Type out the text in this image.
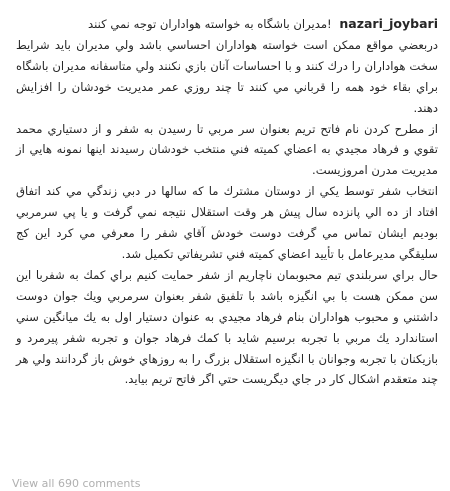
nazari_joybari !مدیران باشگاه به خواسته هواداران توجه نمي كنند

دربعضي مواقع ممكن است خواسته هواداران احساسي باشد ولي مديران بايد شرايط سخت هواداران را درك كنند و با احساسات آنان بازي نكنند ولي متاسفانه مديران باشگاه براي بقاء خود همه را قرباني مي كنند تا چند روزي عمر مديريت خودشان را افزايش دهند.

از مطرح كردن نام فاتح تريم بعنوان سر مربي تا رسيدن به شفر و از دستياري محمد تقوي و فرهاد مجيدي به اعضاي كميته فني منتخب خودشان رسيدند اينها نمونه هايي از مديريت مدرن امروزيست.

انتخاب شفر توسط يكي از دوستان مشترك ما كه سالها در دبي زندگي مي كند اتفاق افتاد از ده الي پانزده سال پيش هر وقت استقلال نتيجه نمي گرفت و يا پي سرمربي بوديم ايشان تماس مي گرفت دوست خودش آقاي شفر را معرفي مي كرد اين كج سليقگي مديرعامل با تأييد اعضاي كميته فني تشريفاتي تكميل شد.

حال براي سربلندي تيم محبوبمان ناچاريم از شفر حمايت كنيم براي كمك به شفربا اين سن ممكن هست با بي انگيزه باشد با تلفيق شفر بعنوان سرمربي ويك جوان دوست داشتني و محبوب هواداران بنام فرهاد مجيدي به عنوان دستيار اول به يك ميانگين سني استاندارد يك مربي با تجربه برسيم شايد با كمك فرهاد جوان و تجربه شفر پيرمرد و بازيكنان با تجربه وجوانان با انگيزه استقلال بزرگ را به روزهاي خوش باز گردانند ولي هر چند متعقدم اشكال كار در جاي ديگريست حتي اگر فاتح تريم بيايد.

View all 690 comments
